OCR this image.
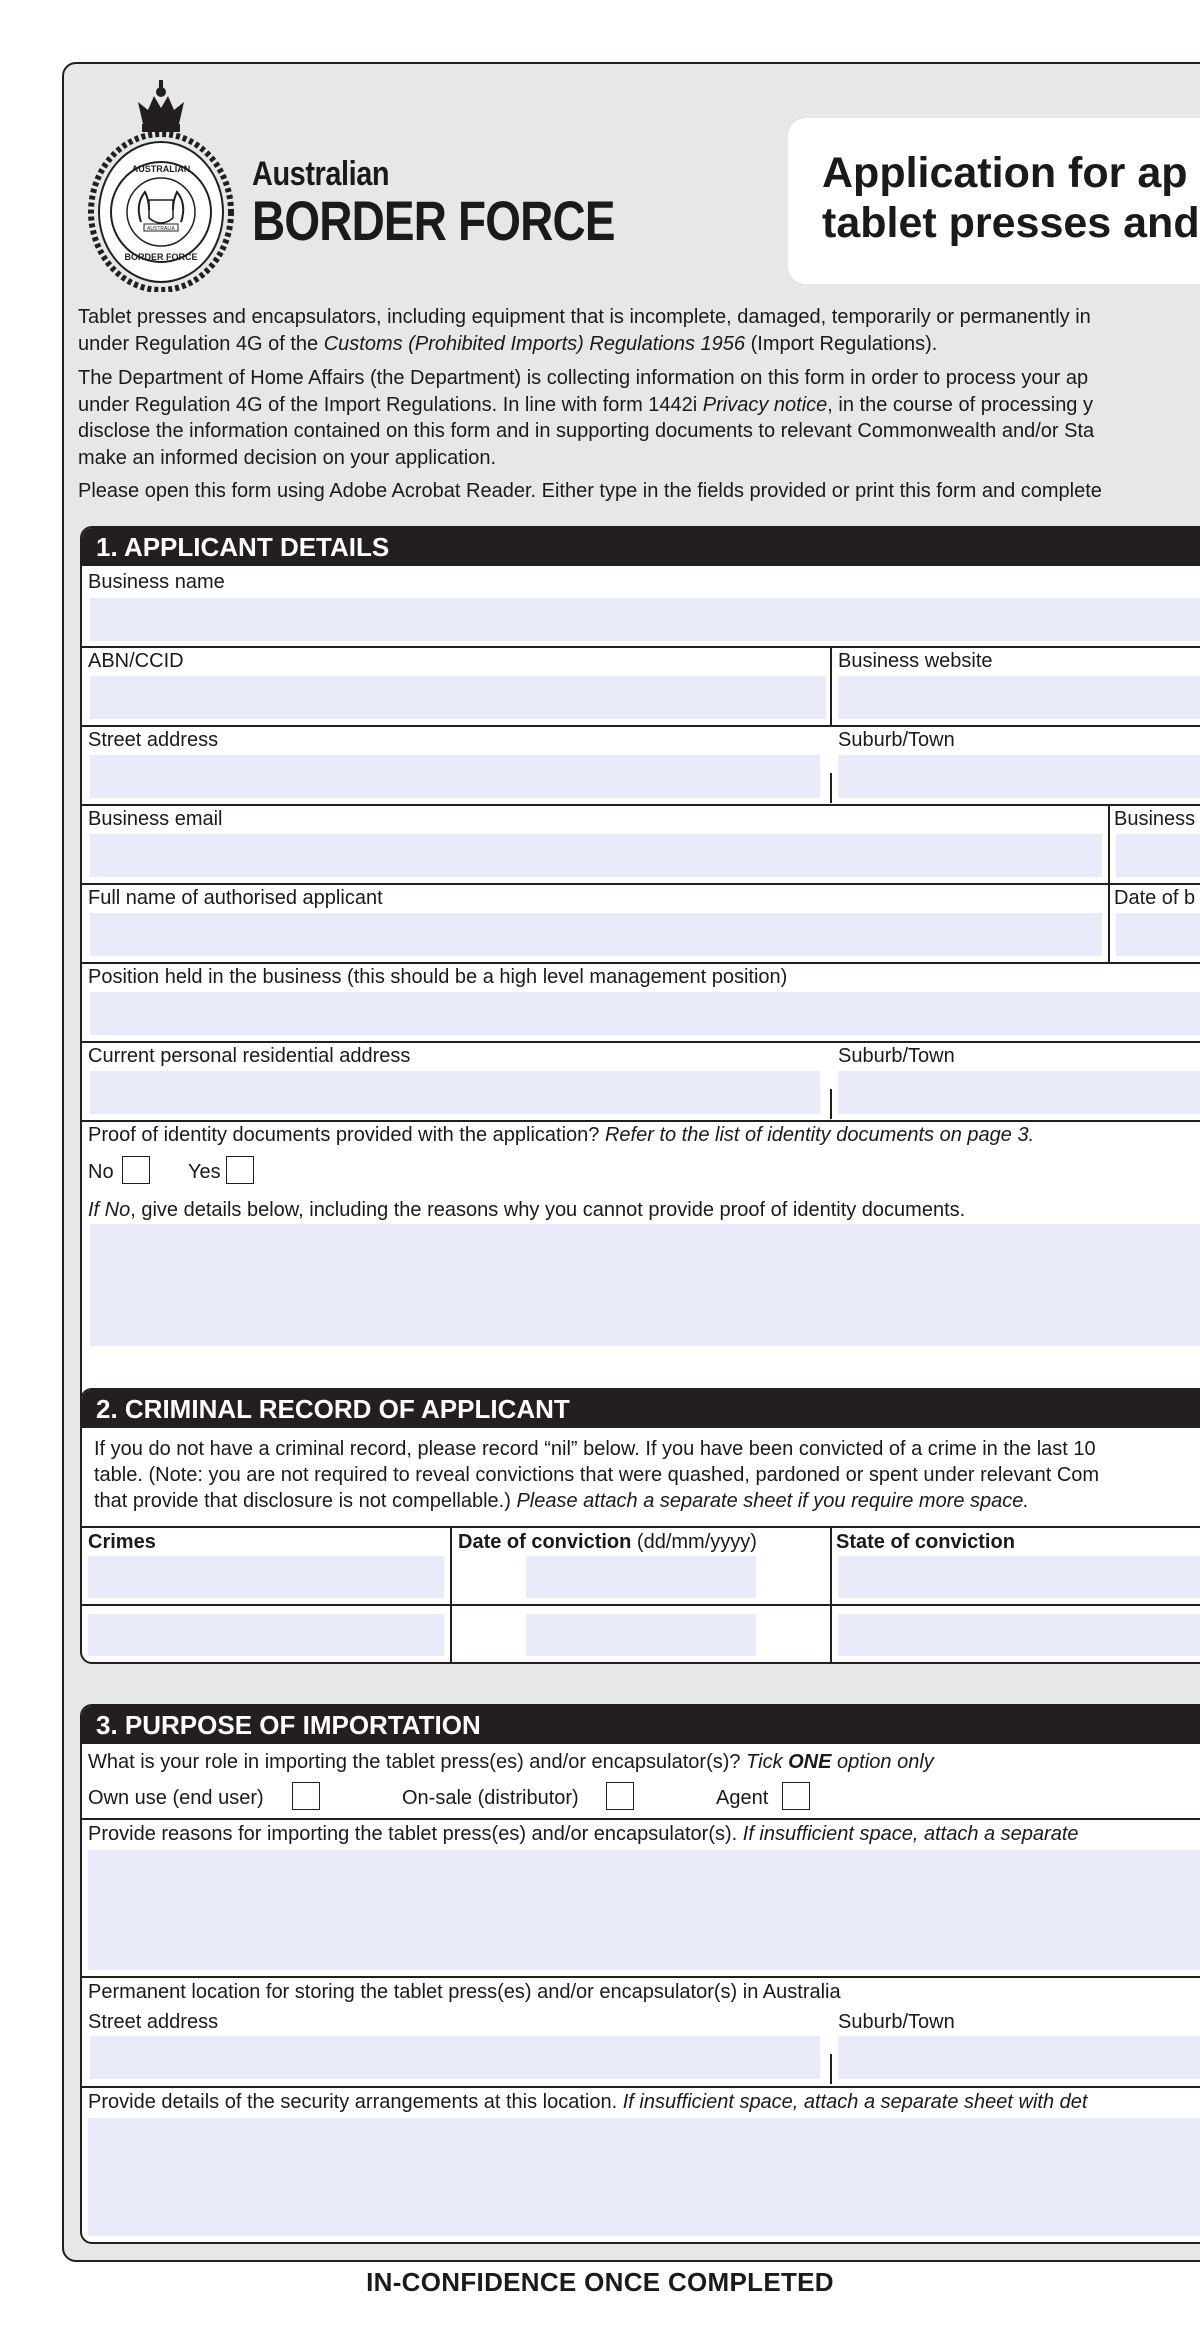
AUSTRALIAN
BORDER FORCE
AUSTRALIA
Australian
BORDER FORCE
Application for ap
tablet presses and
Tablet presses and encapsulators, including equipment that is incomplete, damaged, temporarily or permanently in
under Regulation 4G of the Customs (Prohibited Imports) Regulations 1956 (Import Regulations).
The Department of Home Affairs (the Department) is collecting information on this form in order to process your ap
under Regulation 4G of the Import Regulations. In line with form 1442i Privacy notice, in the course of processing y
disclose the information contained on this form and in supporting documents to relevant Commonwealth and/or Sta
make an informed decision on your application.
Please open this form using Adobe Acrobat Reader. Either type in the fields provided or print this form and complete
1. APPLICANT DETAILS
Business name
ABN/CCID	Business website
Street address	Suburb/Town
Business email	Business
Full name of authorised applicant	Date of b
Position held in the business (this should be a high level management position)
Current personal residential address	Suburb/Town
Proof of identity documents provided with the application? Refer to the list of identity documents on page 3.
No	Yes
If No, give details below, including the reasons why you cannot provide proof of identity documents.
2. CRIMINAL RECORD OF APPLICANT
If you do not have a criminal record, please record “nil” below. If you have been convicted of a crime in the last 10
table. (Note: you are not required to reveal convictions that were quashed, pardoned or spent under relevant Com
that provide that disclosure is not compellable.) Please attach a separate sheet if you require more space.
Crimes	Date of conviction (dd/mm/yyyy)	State of conviction
3. PURPOSE OF IMPORTATION
What is your role in importing the tablet press(es) and/or encapsulator(s)? Tick ONE option only
Own use (end user)	On-sale (distributor)	Agent
Provide reasons for importing the tablet press(es) and/or encapsulator(s). If insufficient space, attach a separate
Permanent location for storing the tablet press(es) and/or encapsulator(s) in Australia
Street address	Suburb/Town
Provide details of the security arrangements at this location. If insufficient space, attach a separate sheet with det
IN-CONFIDENCE ONCE COMPLETED
